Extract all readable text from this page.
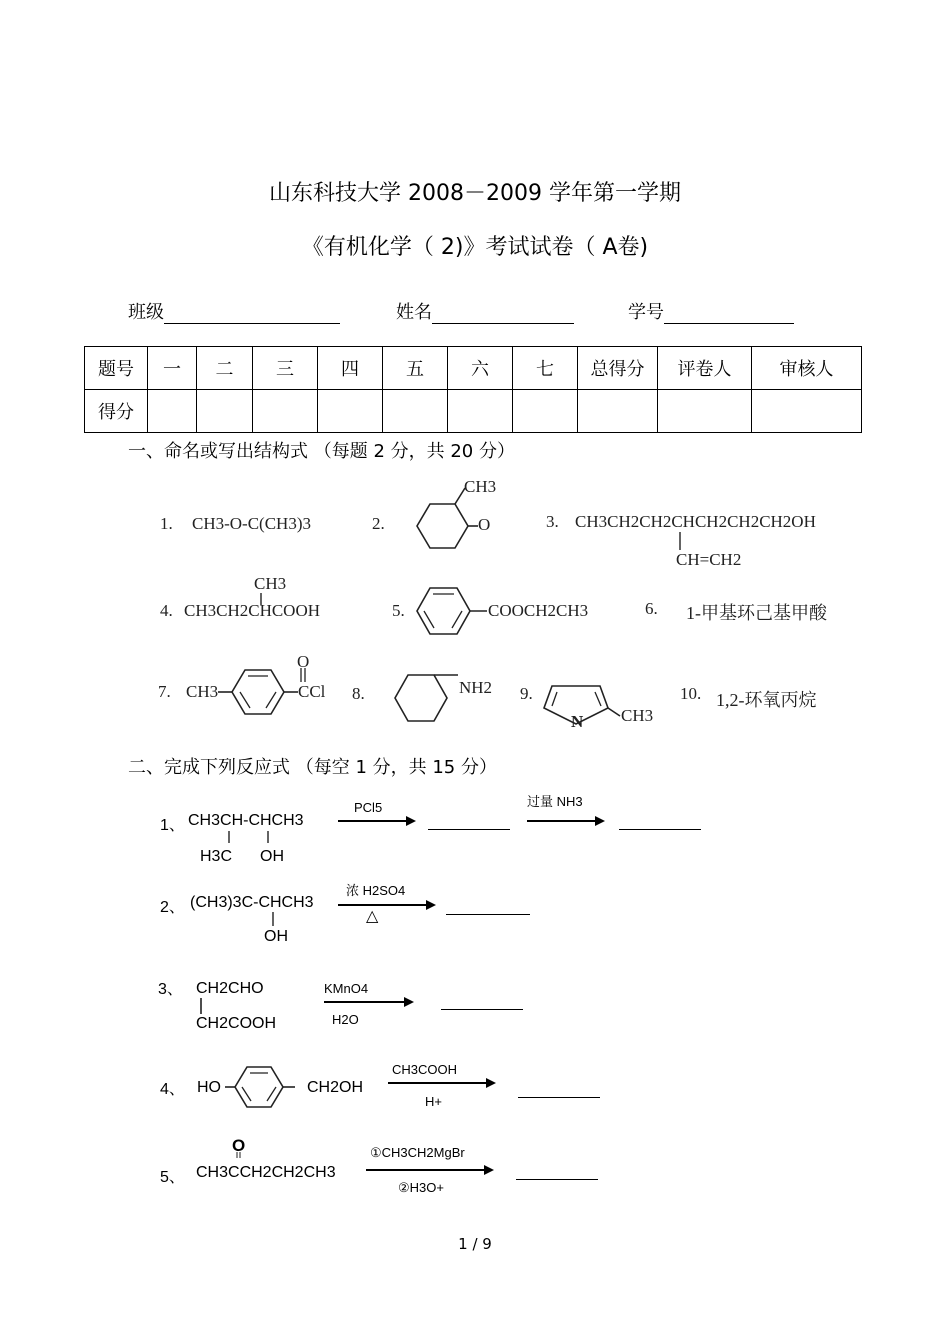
山东科技大学 2008－2009 学年第一学期
《有机化学（ 2)》考试试卷（ A卷)
班级	姓名	学号
题号	一	二	三	四	五	六	七	总得分	评卷人	审核人
得分										
一、命名或写出结构式 （每题 2 分，共 20 分）
1. CH3-O-C(CH3)3	2.
CH3
O	3. CH3CH2CH2CHCH2CH2CH2OH
CH=CH2
CH3
4. CH3CH2CHCOOH	5.	COOCH2CH3	6. 1-甲基环己基甲酸
7. CH3
O
CCl 8.	NH2 9.
N CH3
10. 1,2-环氧丙烷
二、完成下列反应式 （每空 1 分，共 15 分）
1、 CH3CH-CHCH3
H3C OH
PCl5	过量 NH3
2、 (CH3)3C-CHCH3
OH
浓 H2SO4
△
3、 CH2CHO
CH2COOH
KMnO4
H2O
4、 HO	CH2OH
CH3COOH
H+
O
5、 CH3CCH2CH2CH3
①CH3CH2MgBr
②H3O+
1 / 9
